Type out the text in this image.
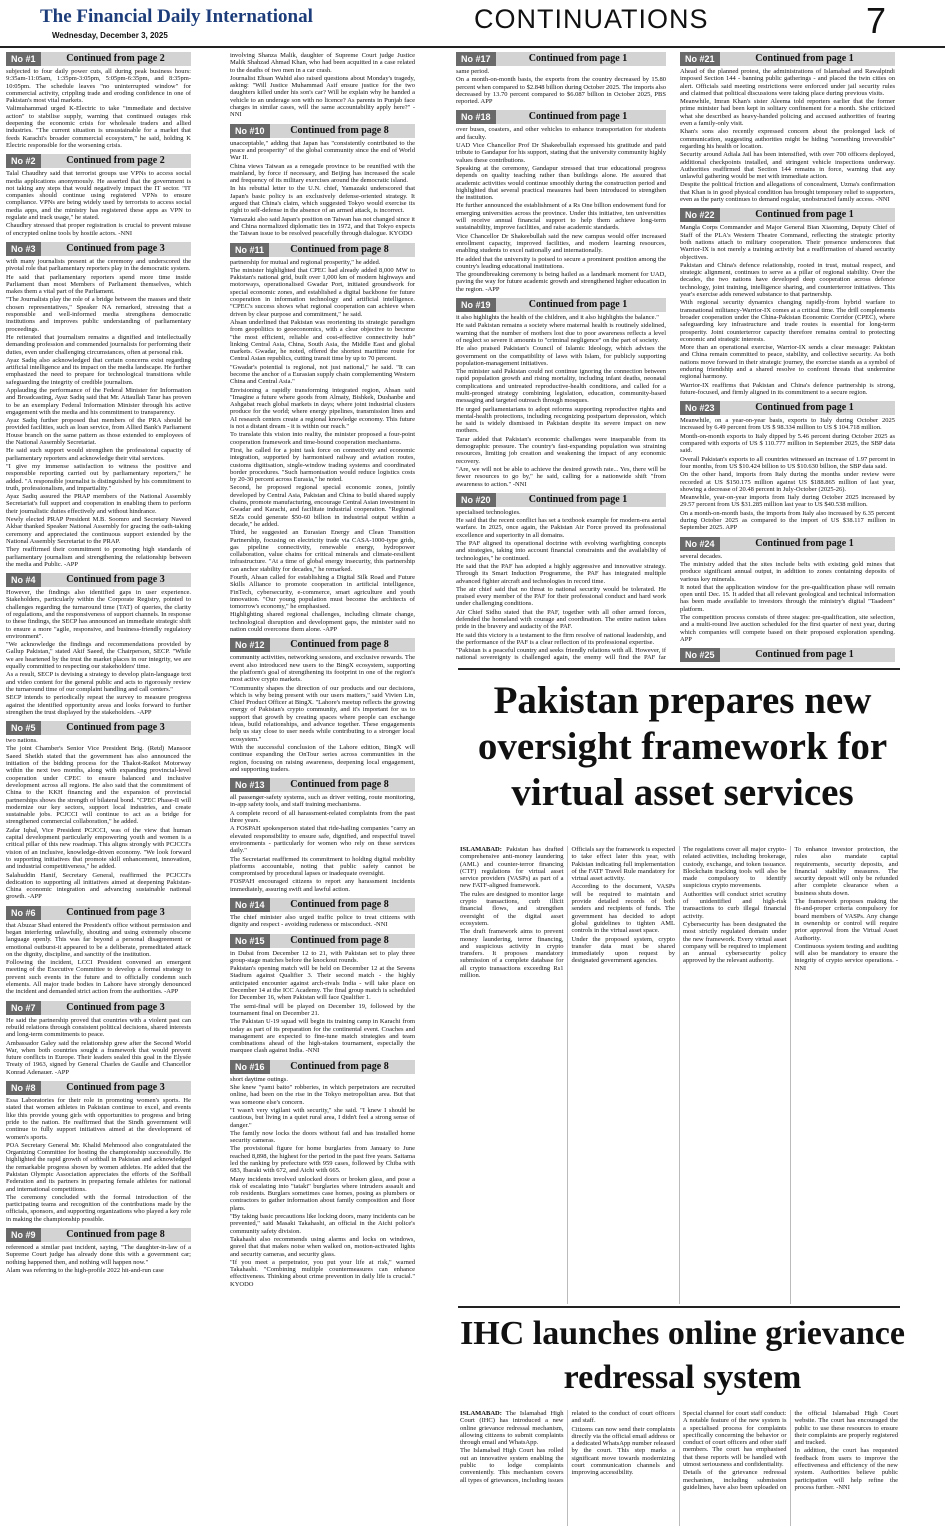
The Financial Daily International
Wednesday, December 3, 2025
CONTINUATIONS	7
No #1	Continued from page 2

subjected to four daily power cuts, all during peak business hours: 9:35am-11:05am, 1:35pm-3:05pm, 5:05pm-6:35pm, and 8:35pm-10:05pm. The schedule leaves "no uninterrupted window" for commercial activity, crippling trade and eroding confidence in one of Pakistan's most vital markets.

Valimuhammad urged K-Electric to take "immediate and decisive action" to stabilise supply, warning that continued outages risk deepening the economic crisis for wholesale traders and allied industries. "The current situation is unsustainable for a market that feeds Karachi's broader commercial ecosystem," he said, holding K Electric responsible for the worsening crisis.

No #2	Continued from page 2

Talal Chaudhry said that terrorist groups use VPNs to access social media applications anonymously. He asserted that the government is not taking any steps that would negatively impact the IT sector. "IT companies should continue using registered VPNs to ensure compliance. VPNs are being widely used by terrorists to access social media apps, and the ministry has registered these apps as VPN to regulate and track usage," he stated.

Chaudhry stressed that proper registration is crucial to prevent misuse of encrypted online tools by hostile actors. -NNI

No #3	Continued from page 3

with many journalists present at the ceremony and underscored the pivotal role that parliamentary reporters play in the democratic system.

He said that parliamentary reporters spend more time inside Parliament than most Members of Parliament themselves, which makes them a vital part of the Parliament.

"The Journalists play the role of a bridge between the masses and their chosen representatives," Speaker NA remarked, stressing that a responsible and well-informed media strengthens democratic institutions and improves public understanding of parliamentary proceedings.

He reiterated that journalism remains a dignified and intellectually demanding profession and commended journalists for performing their duties, even under challenging circumstances, often at personal risk.

Ayaz Sadiq also acknowledged that certain concerns exist regarding artificial intelligence and its impact on the media landscape. He further emphasized the need to prepare for technological transitions while safeguarding the integrity of credible journalism.

Applauding the performance of the Federal Minister for Information and Broadcasting, Ayaz Sadiq said that Mr. Attaullah Tarar has proven to be an exemplary Federal Information Minister through his active engagement with the media and his commitment to transparency.

Ayaz Sadiq further proposed that members of the PRA should be provided facilities, such as loan service, from Allied Bank's Parliament House branch on the same pattern as those extended to employees of the National Assembly Secretariat.

He said such support would strengthen the professional capacity of parliamentary reporters and acknowledge their vital services.

"I give my immense satisfaction to witness the positive and responsible reporting carried out by parliamentary reporters," he added. "A responsible journalist is distinguished by his commitment to truth, professionalism, and impartiality."

Ayaz Sadiq assured the PRAP members of the National Assembly Secretariat's full support and cooperation in enabling them to perform their journalistic duties effectively and without hindrance.

Newly elected PRAP President M.B. Soomro and Secretary Naveed Akbar thanked Speaker National Assembly for gracing the oath-taking ceremony and appreciated the continuous support extended by the National Assembly Secretariat to the PRAP.

They reaffirmed their commitment to promoting high standards of parliamentary journalism and strengthening the relationship between the media and Public. -APP

No #4	Continued from page 3

However, the findings also identified gaps in user experience. Stakeholders, particularly within the Corporate Registry, pointed to challenges regarding the turnaround time (TAT) of queries, the clarity of regulations, and the responsiveness of support channels. In response to these findings, the SECP has announced an immediate strategic shift to ensure a more "agile, responsive, and business-friendly regulatory environment".

"We acknowledge the findings and recommendations provided by Gallup Pakistan," stated Akif Saeed, the Chairperson, SECP. "While we are heartened by the trust the market places in our integrity, we are equally committed to respecting our stakeholders' time.

As a result, SECP is devising a strategy to develop plain-language text and video content for the general public and acts to rigorously review the turnaround time of our complaint handling and call centers."

SECP intends to periodically repeat the survey to measure progress against the identified opportunity areas and looks forward to further strengthen the trust displayed by the stakeholders. -APP

No #5	Continued from page 3

two nations.

The joint Chamber's Senior Vice President Brig. (Retd) Mansoor Saeed Sheikh stated that the government has also announced the initiation of the bidding process for the Thakot-Raikot Motorway within the next two months, along with expanding provincial-level cooperation under CPEC to ensure balanced and inclusive development across all regions. He also said that the commitment of China to the KKH financing and the expansion of provincial partnerships shows the strength of bilateral bond. "CPEC Phase-II will modernize our key sectors, support local industries, and create sustainable jobs. PCJCCI will continue to act as a bridge for strengthened commercial collaboration," he added.

Zafar Iqbal, Vice President PCJCCI, was of the view that human capital development particularly empowering youth and women is a critical pillar of this new roadmap. This aligns strongly with PCJCCI's vision of an inclusive, knowledge-driven economy. "We look forward to supporting initiatives that promote skill enhancement, innovation, and industrial competitiveness," he added.

Salahuddin Hanif, Secretary General, reaffirmed the PCJCCI's dedication to supporting all initiatives aimed at deepening Pakistan-China economic integration and advancing sustainable national growth. -APP

No #6	Continued from page 3

that Abuzar Shad entered the President's office without permission and began interfering unlawfully, shouting and using extremely obscene language openly. This was far beyond a personal disagreement or emotional outburst-it appeared to be a deliberate, premeditated attack on the dignity, discipline, and sanctity of the institution.

Following the incident, LCCI President convened an emergent meeting of the Executive Committee to develop a formal strategy to prevent such events in the future and to officially condemn such elements. All major trade bodies in Lahore have strongly denounced the incident and demanded strict action from the authorities. -APP

No #7	Continued from page 3

He said the partnership proved that countries with a violent past can rebuild relations through consistent political decisions, shared interests and long-term commitments to peace.

Ambassador Galey said the relationship grew after the Second World War, when both countries sought a framework that would prevent future conflicts in Europe. Their leaders sealed this goal in the Elysée Treaty of 1963, signed by General Charles de Gaulle and Chancellor Konrad Adenauer. -APP

No #8	Continued from page 3

Essa Laboratories for their role in promoting women's sports. He stated that women athletes in Pakistan continue to excel, and events like this provide young girls with opportunities to progress and bring pride to the nation. He reaffirmed that the Sindh government will continue to fully support initiatives aimed at the development of women's sports.

POA Secretary General Mr. Khalid Mehmood also congratulated the Organizing Committee for hosting the championship successfully. He highlighted the rapid growth of softball in Pakistan and acknowledged the remarkable progress shown by women athletes. He added that the Pakistan Olympic Association appreciates the efforts of the Softball Federation and its partners in preparing female athletes for national and international competitions.

The ceremony concluded with the formal introduction of the participating teams and recognition of the contributions made by the officials, sponsors, and supporting organizations who played a key role in making the championship possible.

No #9	Continued from page 8

referenced a similar past incident, saying, "The daughter-in-law of a Supreme Court judge has already done this with a government car; nothing happened then, and nothing will happen now."

Alam was referring to the high-profile 2022 hit-and-run case

involving Shanza Malik, daughter of Supreme Court judge Justice Malik Shahzad Ahmad Khan, who had been acquitted in a case related to the deaths of two men in a car crash.

Journalist Ehsan Wahid also raised questions about Monday's tragedy, asking: "Will Justice Muhammad Asif ensure justice for the two daughters killed under his son's car? Will he explain why he handed a vehicle to an underage son with no licence? As parents in Punjab face charges in similar cases, will the same accountability apply here?" -NNI

No #10	Continued from page 8

unacceptable," adding that Japan has "consistently contributed to the peace and prosperity" of the global community since the end of World War II.

China views Taiwan as a renegade province to be reunified with the mainland, by force if necessary, and Beijing has increased the scale and frequency of its military exercises around the democratic island.

In his rebuttal letter to the U.N. chief, Yamazaki underscored that Japan's basic policy is an exclusively defense-oriented strategy. It argued that China's claim, which suggested Tokyo would exercise its right to self-defense in the absence of an armed attack, is incorrect.

Yamazaki also said Japan's position on Taiwan has not changed since it and China normalized diplomatic ties in 1972, and that Tokyo expects the Taiwan issue to be resolved peacefully through dialogue. KYODO

No #11	Continued from page 8

partnership for mutual and regional prosperity," he added.

The minister highlighted that CPEC had already added 8,000 MW to Pakistan's national grid, built over 1,000 km of modern highways and motorways, operationalised Gwadar Port, initiated groundwork for special economic zones, and established a digital backbone for future cooperation in information technology and artificial intelligence. "CPEC's success shows what regional cooperation can achieve when driven by clear purpose and commitment," he said.

Ahsan underlined that Pakistan was reorienting its strategic paradigm from geopolitics to geoeconomics, with a clear objective to become "the most efficient, reliable and cost-effective connectivity hub" linking Central Asia, China, South Asia, the Middle East and global markets. Gwadar, he noted, offered the shortest maritime route for Central Asian republics, cutting transit time by up to 70 percent.

"Gwadar's potential is regional, not just national," he said. "It can become the anchor of a Eurasian supply chain complementing Western China and Central Asia."

Envisioning a rapidly transforming integrated region, Ahsan said "Imagine a future where goods from Almaty, Bishkek, Dushanbe and Ashgabat reach global markets in days; where joint industrial clusters produce for the world; where energy pipelines, transmission lines and AI research centers create a regional knowledge economy. This future is not a distant dream - it is within our reach."

To translate this vision into reality, the minister proposed a four-point cooperation framework and time-bound cooperation mechanisms.

First, he called for a joint task force on connectivity and economic integration, supported by harmonised railway and aviation routes, customs digitisation, single-window trading systems and coordinated border procedures. "Such harmonisation would reduce logistics costs by 20-30 percent across Eurasia," he noted.

Second, he proposed regional special economic zones, jointly developed by Central Asia, Pakistan and China to build shared supply chains, promote manufacturing, encourage Central Asian investment in Gwadar and Karachi, and facilitate industrial cooperation. "Regional SEZs could generate $50-60 billion in industrial output within a decade," he added.

Third, he suggested an Eurasian Energy and Clean Transition Partnership, focusing on electricity trade via CASA-1000-type grids, gas pipeline connectivity, renewable energy, hydropower collaboration, value chains for critical minerals and climate-resilient infrastructure. "At a time of global energy insecurity, this partnership can anchor stability for decades," he remarked.

Fourth, Ahsan called for establishing a Digital Silk Road and Future Skills Alliance to promote cooperation in artificial intelligence, FinTech, cybersecurity, e-commerce, smart agriculture and youth innovation. "Our young population must become the architects of tomorrow's economy," he emphasised.

Highlighting shared regional challenges, including climate change, technological disruption and development gaps, the minister said no nation could overcome them alone. -APP

No #12	Continued from page 8

community activities, networking sessions, and exclusive rewards. The event also introduced new users to the BingX ecosystem, supporting the platform's goal of strengthening its footprint in one of the region's most active crypto markets.

"Community shapes the direction of our products and our decisions, which is why being present with our users matters," said Vivien Lin, Chief Product Officer at BingX. "Lahore's meetup reflects the growing energy of Pakistan's crypto community, and it's important for us to support that growth by creating spaces where people can exchange ideas, build relationships, and advance together. These engagements help us stay close to user needs while contributing to a stronger local ecosystem."

With the successful conclusion of the Lahore edition, BingX will continue expanding the OnTour series across communities in the region, focusing on raising awareness, deepening local engagement, and supporting traders.

No #13	Continued from page 8

all passenger-safety systems, such as driver vetting, route monitoring, in-app safety tools, and staff training mechanisms.

A complete record of all harassment-related complaints from the past three years.

A FOSPAH spokesperson stated that ride-hailing companies "carry an elevated responsibility to ensure safe, dignified, and respectful travel environments - particularly for women who rely on these services daily."

The Secretariat reaffirmed its commitment to holding digital mobility platforms accountable, noting that public safety cannot be compromised by procedural lapses or inadequate oversight.

FOSPAH encouraged citizens to report any harassment incidents immediately, assuring swift and lawful action.

No #14	Continued from page 8

The chief minister also urged traffic police to treat citizens with dignity and respect - avoiding rudeness or misconduct. -NNI

No #15	Continued from page 8

in Dubai from December 12 to 21, with Pakistan set to play three group-stage matches before the knockout rounds.

Pakistan's opening match will be held on December 12 at the Sevens Stadium against Qualifier 3. Their second match - the highly anticipated encounter against arch-rivals India - will take place on December 14 at the ICC Academy. The final group match is scheduled for December 16, when Pakistan will face Qualifier 1.

The semi-final will be played on December 19, followed by the tournament final on December 21.

The Pakistan U-19 squad will begin its training camp in Karachi from today as part of its preparation for the continental event. Coaches and management are expected to fine-tune match strategies and team combinations ahead of the high-stakes tournament, especially the marquee clash against India. -NNI

No #16	Continued from page 8

short daytime outings.

She knew "yami baito" robberies, in which perpetrators are recruited online, had been on the rise in the Tokyo metropolitan area. But that was someone else's concern.

"I wasn't very vigilant with security," she said. "I knew I should be cautious, but living in a quiet rural area, I didn't feel a strong sense of danger."

The family now locks the doors without fail and has installed home security cameras.

The provisional figure for home burglaries from January to June reached 8,898, the highest for the period in the past five years. Saitama led the ranking by prefecture with 959 cases, followed by Chiba with 683, Ibaraki with 672, and Aichi with 665.

Many incidents involved unlocked doors or broken glass, and pose a risk of escalating into "tataki" burglaries where intruders assault and rob residents. Burglars sometimes case homes, posing as plumbers or contractors to gather information about family composition and floor plans.

"By taking basic precautions like locking doors, many incidents can be prevented," said Masaki Takahashi, an official in the Aichi police's community safety division.

Takahashi also recommends using alarms and locks on windows, gravel that that makes noise when walked on, motion-activated lights and security cameras, and security glass.

"If you meet a perpetrator, you put your life at risk," warned Takahashi. "Combining multiple countermeasures can enhance effectiveness. Thinking about crime prevention in daily life is crucial." KYODO

No #17	Continued from page 1

same period.

On a month-on-month basis, the exports from the country decreased by 15.80 percent when compared to $2.848 billion during October 2025. The imports also decreased by 13.70 percent compared to $6.087 billion in October 2025, PBS reported. APP

No #18	Continued from page 1

over buses, coasters, and other vehicles to enhance transportation for students and faculty.

UAD Vice Chancellor Prof Dr Shakeebullah expressed his gratitude and paid tribute to Gandapur for his support, stating that the university community highly values these contributions.

Speaking at the ceremony, Gandapur stressed that true educational progress depends on quality teaching rather than buildings alone. He assured that academic activities would continue smoothly during the construction period and highlighted that several practical measures had been introduced to strengthen the institution.

He further announced the establishment of a Rs One billion endowment fund for emerging universities across the province. Under this initiative, ten universities will receive annual financial support to help them achieve long-term sustainability, improve facilities, and raise academic standards.

Vice Chancellor Dr Shakeebullah said the new campus would offer increased enrollment capacity, improved facilities, and modern learning resources, enabling students to excel nationally and internationally.

He added that the university is poised to secure a prominent position among the country's leading educational institutions.

The groundbreaking ceremony is being hailed as a landmark moment for UAD, paving the way for future academic growth and strengthened higher education in the region. -APP

No #19	Continued from page 1

it also highlights the health of the children, and it also highlights the balance."

He said Pakistan remains a society where maternal health is routinely sidelined, warning that the number of mothers lost due to poor awareness reflects a level of neglect so severe it amounts to "criminal negligence" on the part of society.

He also praised Pakistan's Council of Islamic Ideology, which advises the government on the compatibility of laws with Islam, for publicly supporting population-management initiatives.

The minister said Pakistan could not continue ignoring the connection between rapid population growth and rising mortality, including infant deaths, neonatal complications and untreated reproductive-health conditions, and called for a multi-pronged strategy combining legislation, education, community-based messaging and targeted outreach through mosques.

He urged parliamentarians to adopt reforms supporting reproductive rights and mental-health protections, including recognizing postpartum depression, which he said is widely dismissed in Pakistan despite its severe impact on new mothers.

Tarar added that Pakistan's economic challenges were inseparable from its demographic pressure. The country's fast-expanding population was straining resources, limiting job creation and weakening the impact of any economic recovery.

"Are, we will not be able to achieve the desired growth rate... Yes, there will be fewer resources to go by," he said, calling for a nationwide shift "from awareness to action." -NNI

No #20	Continued from page 1

specialised technologies.

He said that the recent conflict has set a textbook example for modern-era aerial warfare. In 2025, once again, the Pakistan Air Force proved its professional excellence and superiority in all domains.

The PAF aligned its operational doctrine with evolving warfighting concepts and strategies, taking into account financial constraints and the availability of technologies," he continued.

He said that the PAF has adopted a highly aggressive and innovative strategy. Through its Smart Induction Programme, the PAF has integrated multiple advanced fighter aircraft and technologies in record time.

The air chief said that no threat to national security would be tolerated. He praised every member of the PAF for their professional conduct and hard work under challenging conditions.

Air Chief Sidhu stated that the PAF, together with all other armed forces, defended the homeland with courage and coordination. The entire nation takes pride in the bravery and audacity of the PAF.

He said this victory is a testament to the firm resolve of national leadership, and the performance of the PAF is a clear reflection of its professional expertise.

"Pakistan is a peaceful country and seeks friendly relations with all. However, if national sovereignty is challenged again, the enemy will find the PAF far

No #21	Continued from page 1

Ahead of the planned protest, the administrations of Islamabad and Rawalpindi imposed Section 144 - banning public gatherings - and placed the twin cities on alert. Officials said meeting restrictions were enforced under jail security rules and claimed that political discussions were taking place during previous visits.

Meanwhile, Imran Khan's sister Aleema told reporters earlier that the former prime minister had been kept in solitary confinement for a month. She criticized what she described as heavy-handed policing and accused authorities of fearing even a family-only visit.

Khan's sons also recently expressed concern about the prolonged lack of communication, suggesting authorities might be hiding "something irreversible" regarding his health or location.

Security around Adiala Jail has been intensified, with over 700 officers deployed, additional checkpoints installed, and stringent vehicle inspections underway. Authorities reaffirmed that Section 144 remains in force, warning that any unlawful gathering would be met with immediate action.

Despite the political friction and allegations of concealment, Uzma's confirmation that Khan is in good physical condition has brought temporary relief to supporters, even as the party continues to demand regular, unobstructed family access. -NNI

No #22	Continued from page 1

Mangla Corps Commander and Major General Bian Xiaoming, Deputy Chief of Staff of the PLA's Western Theatre Command, reflecting the strategic priority both nations attach to military cooperation. Their presence underscores that Warrior-IX is not merely a training activity but a reaffirmation of shared security objectives.

Pakistan and China's defence relationship, rooted in trust, mutual respect, and strategic alignment, continues to serve as a pillar of regional stability. Over the decades, the two nations have developed deep cooperation across defence technology, joint training, intelligence sharing, and counterterror initiatives. This year's exercise adds renewed substance to that partnership.

With regional security dynamics changing rapidly-from hybrid warfare to transnational militancy-Warrior-IX comes at a critical time. The drill complements broader cooperation under the China-Pakistan Economic Corridor (CPEC), where safeguarding key infrastructure and trade routes is essential for long-term prosperity. Joint counterterror capacity therefore remains central to protecting economic and strategic interests.

More than an operational exercise, Warrior-IX sends a clear message: Pakistan and China remain committed to peace, stability, and collective security. As both nations move forward in their strategic journey, the exercise stands as a symbol of enduring friendship and a shared resolve to confront threats that undermine regional harmony.

Warrior-IX reaffirms that Pakistan and China's defence partnership is strong, future-focused, and firmly aligned in its commitment to a secure region.

No #23	Continued from page 1

Meanwhile, on a year-on-year basis, exports to Italy during October 2025 increased by 6.49 percent from US $ 98.334 million to US $ 104.718 million.

Month-on-month exports to Italy dipped by 5.46 percent during October 2025 as compared with exports of US $ 110.777 million in September 2025, the SBP data said.

Overall Pakistan's exports to all countries witnessed an increase of 1.97 percent in four months, from US $10.424 billion to US $10.630 billion, the SBP data said.

On the other hand, imports from Italy during the months under review were recorded at US $150.175 million against US $188.865 million of last year, showing a decrease of 20.48 percent in July-October (2025-26).

Meanwhile, year-on-year imports from Italy during October 2025 increased by 29.57 percent from US $31.285 million last year to US $40.538 million.

On a month-on-month basis, the imports from Italy also increased by 6.35 percent during October 2025 as compared to the import of US $38.117 million in September 2025. APP

No #24	Continued from page 1

several decades.

The ministry added that the sites include belts with existing gold mines that produce significant annual output, in addition to zones containing deposits of various key minerals.

It noted that the application window for the pre-qualification phase will remain open until Dec. 15. It added that all relevant geological and technical information has been made available to investors through the ministry's digital "Taadeen" platform.

The competition process consists of three stages: pre-qualification, site selection, and a multi-round live auction scheduled for the first quarter of next year, during which companies will compete based on their proposed exploration spending. APP

No #25	Continued from page 1

Pakistan prepares new oversight framework for virtual asset services

ISLAMABAD: Pakistan has drafted comprehensive anti-money laundering (AML) and counter-terror financing (CTF) regulations for virtual asset service providers (VASPs) as part of a new FATF-aligned framework.

The rules are designed to monitor large crypto transactions, curb illicit financial flows, and strengthen oversight of the digital asset ecosystem.

The draft framework aims to prevent money laundering, terror financing, and suspicious activity in crypto transfers. It proposes mandatory submission of a complete database for all crypto transactions exceeding Rs1 million.

Officials say the framework is expected to take effect later this year, with Pakistan indicating full implementation of the FATF Travel Rule mandatory for virtual asset activity.

According to the document, VASPs will be required to maintain and provide detailed records of both senders and recipients of funds. The government has decided to adopt global guidelines to tighten AML controls in the virtual asset space.

Under the proposed system, crypto transfer data must be shared immediately upon request by designated government agencies.

The regulations cover all major crypto-related activities, including brokerage, custody, exchange, and token issuance. Blockchain tracking tools will also be made compulsory to identify suspicious crypto movements.

Authorities will conduct strict scrutiny of unidentified and high-risk transactions to curb illegal financial activity.

Cybersecurity has been designated the most strictly regulated domain under the new framework. Every virtual asset company will be required to implement an annual cybersecurity policy approved by the relevant authority.

To enhance investor protection, the rules also mandate capital requirements, security deposits, and financial stability measures. The security deposit will only be refunded after complete clearance when a business shuts down.

The framework proposes making the fit-and-proper criteria compulsory for board members of VASPs. Any change in ownership or control will require prior approval from the Virtual Asset Authority.

Continuous system testing and auditing will also be mandatory to ensure the integrity of crypto service operations. -NNI

IHC launches online grievance redressal system

ISLAMABAD: The Islamabad High Court (IHC) has introduced a new online grievance redressal mechanism, allowing citizens to submit complaints through email and WhatsApp.

The Islamabad High Court has rolled out an innovative system enabling the public to lodge complaints conveniently. This mechanism covers all types of grievances, including issues related to the conduct of court officers and staff.

Citizens can now send their complaints directly via the official email address or a dedicated WhatsApp number released by the court. This step marks a significant move towards modernizing court communication channels and improving accessibility.

Special channel for court staff conduct: A notable feature of the new system is a specialised process for complaints specifically concerning the behavior or conduct of court officers and other staff members. The court has emphasised that these reports will be handled with utmost seriousness and confidentiality.

Details of the grievance redressal mechanism, including submission guidelines, have also been uploaded on the official Islamabad High Court website. The court has encouraged the public to use these resources to ensure their complaints are properly registered and tracked.

In addition, the court has requested feedback from users to improve the effectiveness and efficiency of the new system. Authorities believe public participation will help refine the process further. -NNI
